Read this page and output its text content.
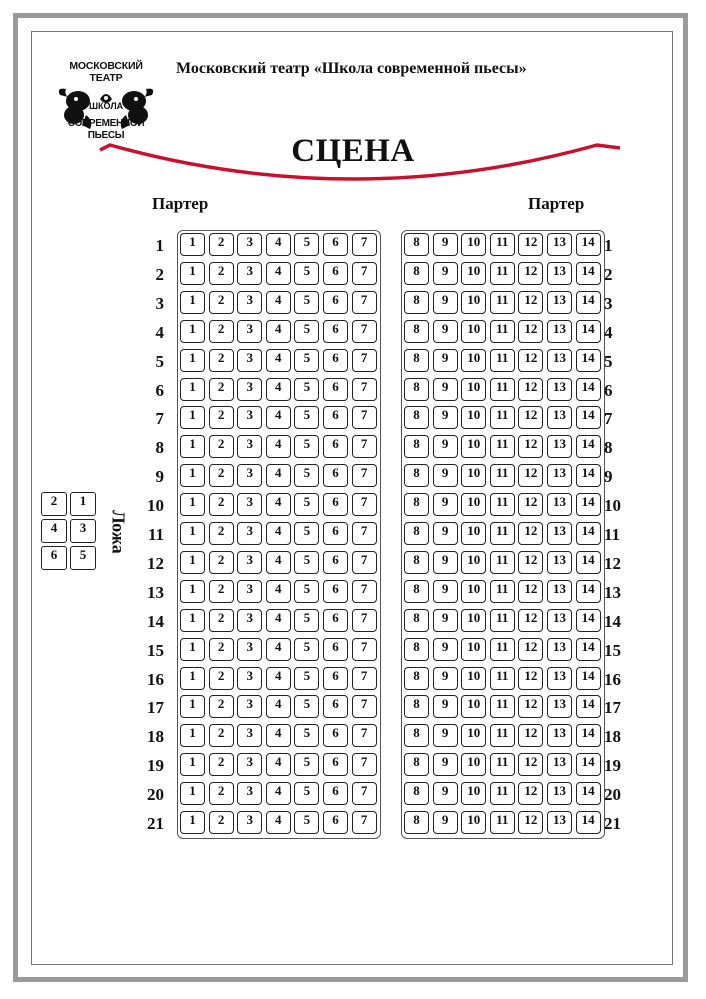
МОСКОВСКИЙ ТЕАТР
ШКОЛА
СОВРЕМЕННОЙ ПЬЕСЫ
Московский театр «Школа современной пьесы»
СЦЕНА
Партер	Партер
1	1
1	2	3	4	5	6	7	8	9	10	11	12	13	14
2	2
1	2	3	4	5	6	7	8	9	10	11	12	13	14
3	3
1	2	3	4	5	6	7	8	9	10	11	12	13	14
4	4
1	2	3	4	5	6	7	8	9	10	11	12	13	14
5	5
1	2	3	4	5	6	7	8	9	10	11	12	13	14
6	6
1	2	3	4	5	6	7	8	9	10	11	12	13	14
7	7
1	2	3	4	5	6	7	8	9	10	11	12	13	14
8	8
1	2	3	4	5	6	7	8	9	10	11	12	13	14
9	9
1	2	3	4	5	6	7	8	9	10	11	12	13	14
10	10
1	2	3	4	5	6	7	8	9	10	11	12	13	14
11	11
1	2	3	4	5	6	7	8	9	10	11	12	13	14
12	12
1	2	3	4	5	6	7	8	9	10	11	12	13	14
13	13
1	2	3	4	5	6	7	8	9	10	11	12	13	14
14	14
1	2	3	4	5	6	7	8	9	10	11	12	13	14
15	15
1	2	3	4	5	6	7	8	9	10	11	12	13	14
16	16
1	2	3	4	5	6	7	8	9	10	11	12	13	14
17	17
1	2	3	4	5	6	7	8	9	10	11	12	13	14
18	18
1	2	3	4	5	6	7	8	9	10	11	12	13	14
19	19
1	2	3	4	5	6	7	8	9	10	11	12	13	14
20	20
1	2	3	4	5	6	7	8	9	10	11	12	13	14
21	21
1	2	3	4	5	6	7	8	9	10	11	12	13	14
2	1
4	3
6	5
Ложа
